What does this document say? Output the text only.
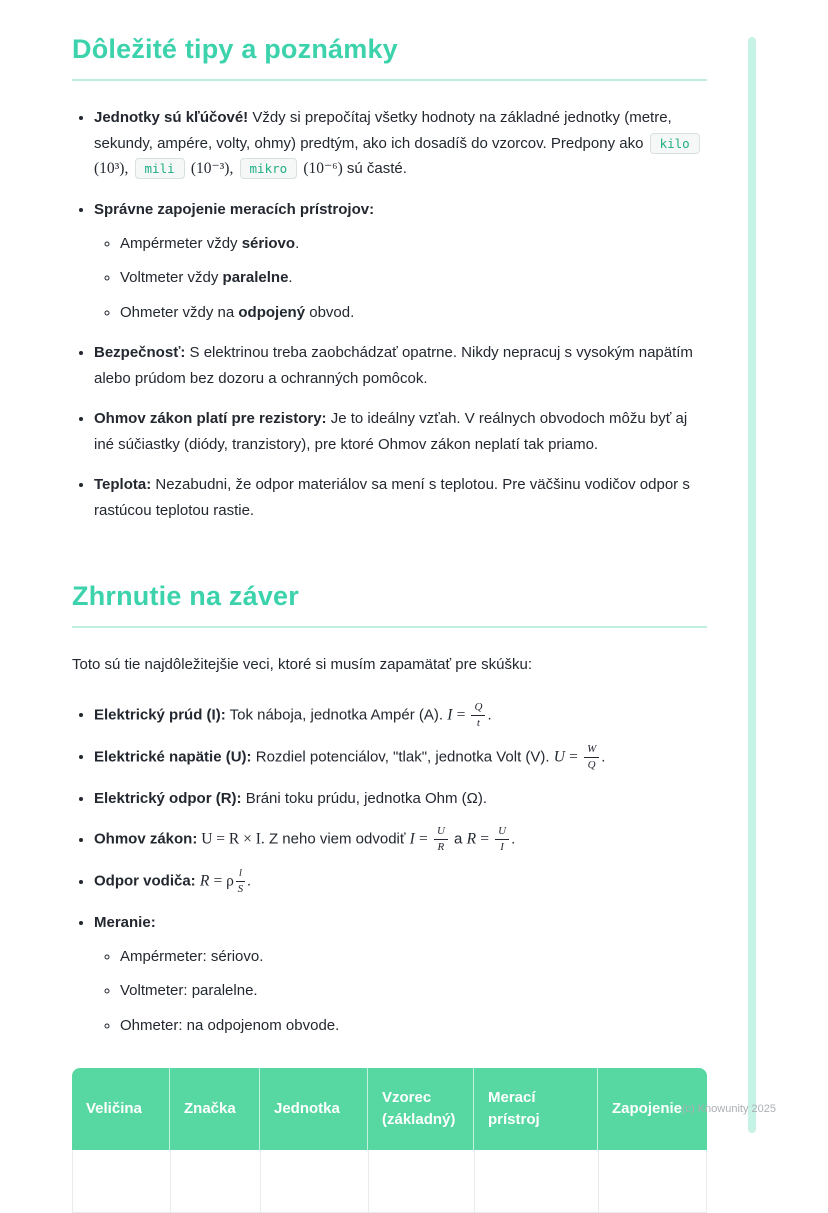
Dôležité tipy a poznámky
• Jednotky sú kľúčové! Vždy si prepočítaj všetky hodnoty na základné jednotky (metre, sekundy, ampére, volty, ohmy) predtým, ako ich dosadíš do vzorcov. Predpony ako kilo (10³), mili (10⁻³), mikro (10⁻⁶) sú časté.
• Správne zapojenie meracích prístrojov:
◦ Ampérmeter vždy sériovo.
◦ Voltmeter vždy paralelne.
◦ Ohmeter vždy na odpojený obvod.
• Bezpečnosť: S elektrinou treba zaobchádzať opatrne. Nikdy nepracuj s vysokým napätím alebo prúdom bez dozoru a ochranných pomôcok.
• Ohmov zákon platí pre rezistory: Je to ideálny vzťah. V reálnych obvodoch môžu byť aj iné súčiastky (diódy, tranzistory), pre ktoré Ohmov zákon neplatí tak priamo.
• Teplota: Nezabudni, že odpor materiálov sa mení s teplotou. Pre väčšinu vodičov odpor s rastúcou teplotou rastie.
Zhrnutie na záver

Toto sú tie najdôležitejšie veci, ktoré si musím zapamätať pre skúšku:

• Elektrický prúd (I): Tok náboja, jednotka Ampér (A). $I = \frac{Q}{t}$ .
• Elektrické napätie (U): Rozdiel potenciálov, "tlak", jednotka Volt (V). $U = \frac{W}{Q}$ .
• Elektrický odpor (R): Bráni toku prúdu, jednotka Ohm (Ω).
• Ohmov zákon: U = R × I. Z neho viem odvodiť $I = \frac{U}{R}$ a $R = \frac{U}{I}$ .
• Odpor vodiča: R = ρ $\frac{l}{S}$ .
• Meranie:
◦ Ampérmeter: sériovo.
◦ Voltmeter: paralelne.
◦ Ohmeter: na odpojenom obvode.
Veličina	Značka	Jednotka	Vzorec (základný)	Merací prístroj	Zapojenie
					(c) Knowunity 2025
